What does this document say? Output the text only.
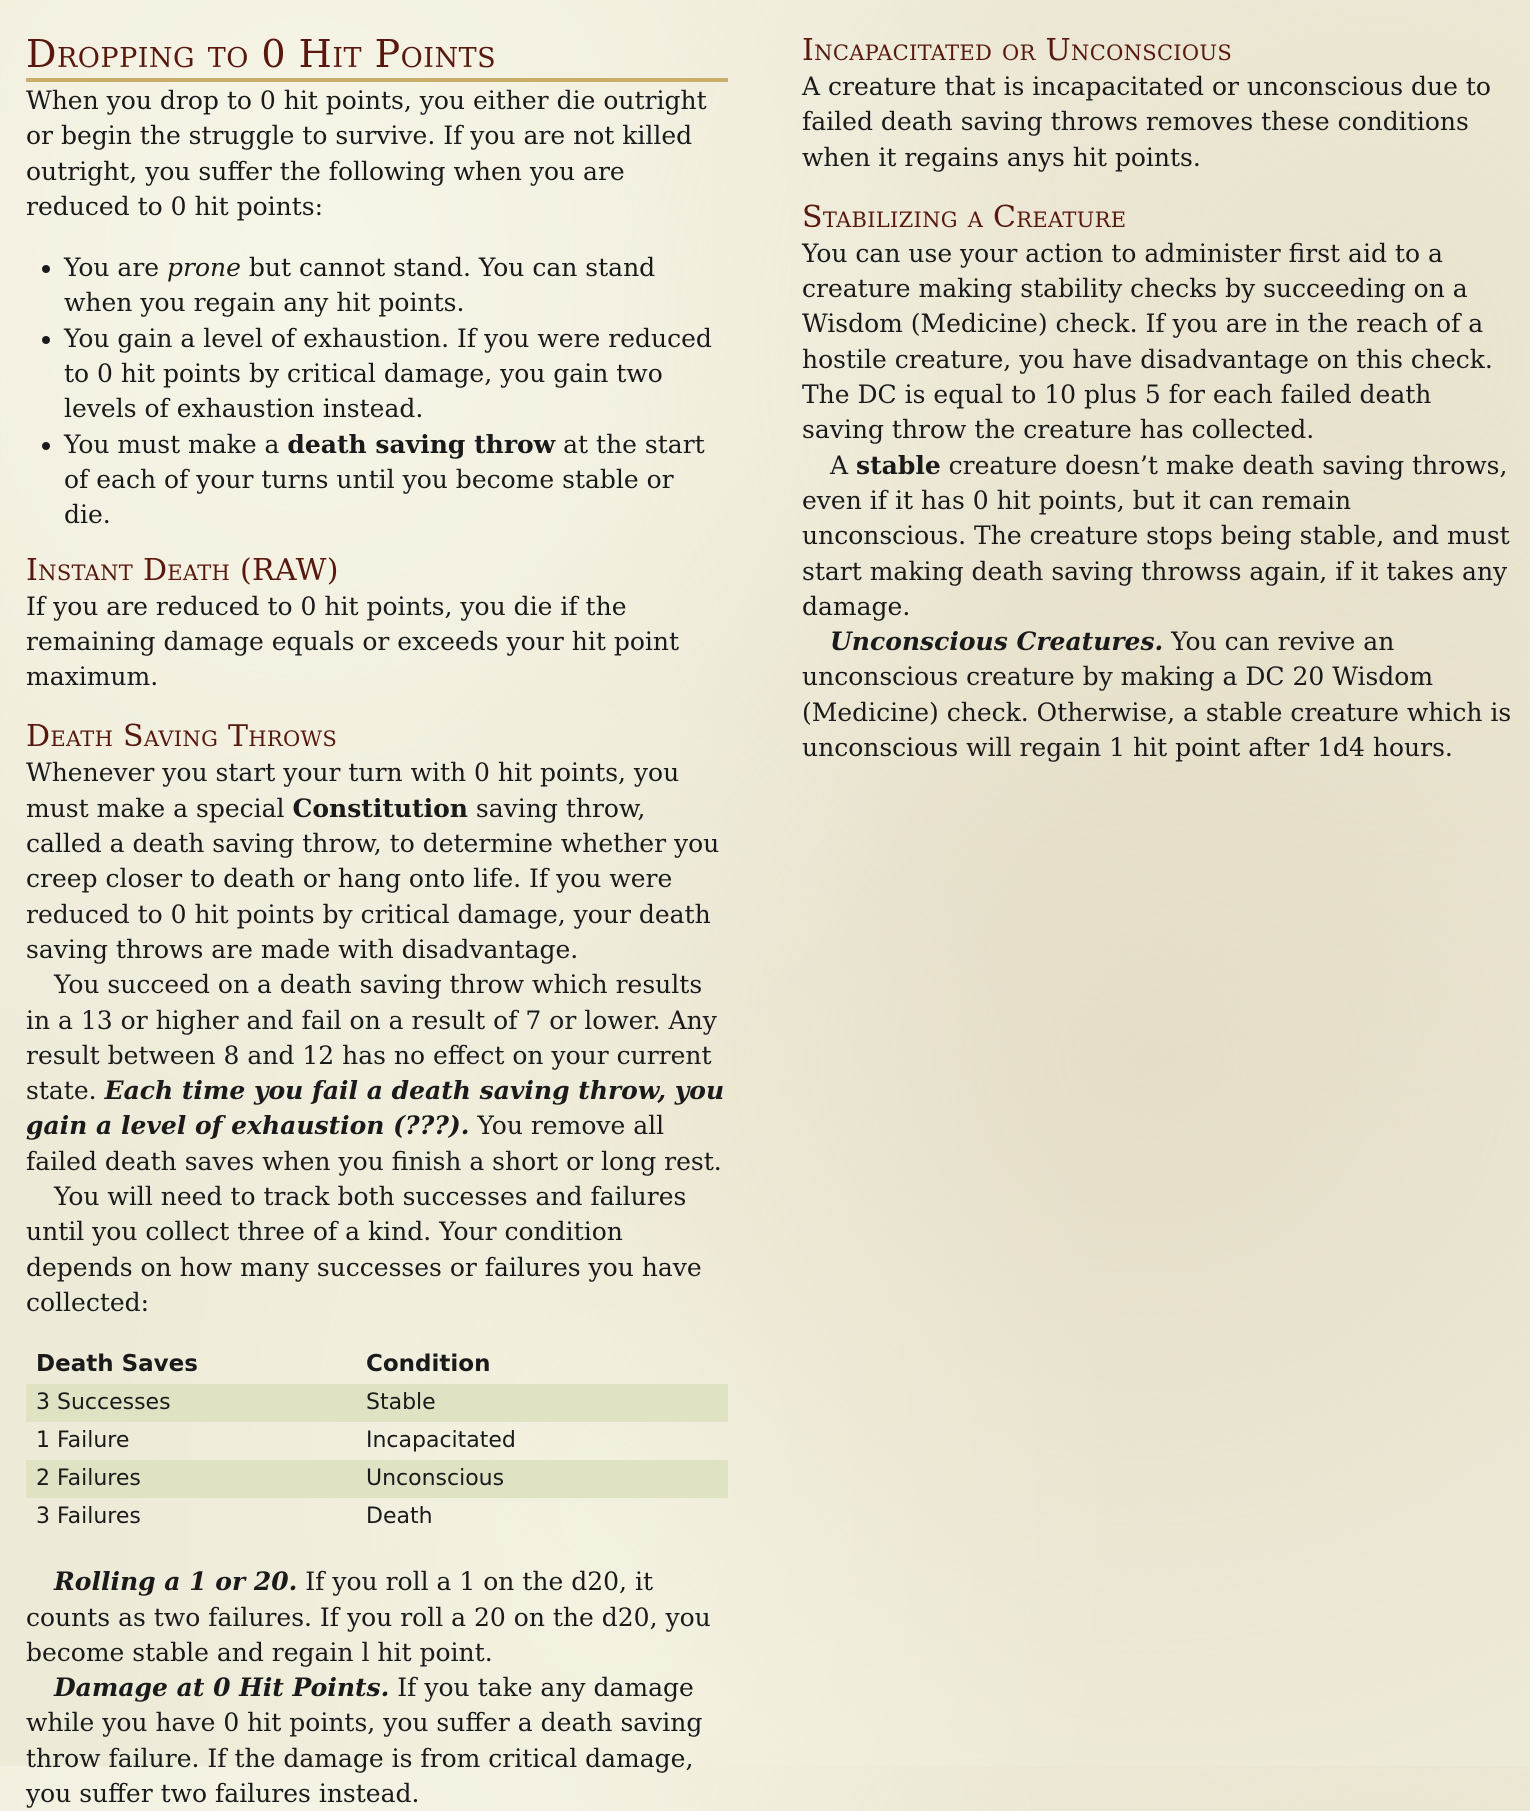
Dropping to 0 Hit Points

When you drop to 0 hit points, you either die outright or begin the struggle to survive. If you are not killed outright, you suffer the following when you are reduced to 0 hit points:

• You are prone but cannot stand. You can stand when you regain any hit points.
• You gain a level of exhaustion. If you were reduced to 0 hit points by critical damage, you gain two levels of exhaustion instead.
• You must make a death saving throw at the start of each of your turns until you become stable or die.
Instant Death (RAW)

If you are reduced to 0 hit points, you die if the remaining damage equals or exceeds your hit point maximum.

Death Saving Throws

Whenever you start your turn with 0 hit points, you must make a special Constitution saving throw, called a death saving throw, to determine whether you creep closer to death or hang onto life. If you were reduced to 0 hit points by critical damage, your death saving throws are made with disadvantage.

You succeed on a death saving throw which results in a 13 or higher and fail on a result of 7 or lower. Any result between 8 and 12 has no effect on your current state. Each time you fail a death saving throw, you gain a level of exhaustion (???). You remove all failed death saves when you finish a short or long rest.

You will need to track both successes and failures until you collect three of a kind. Your condition depends on how many successes or failures you have collected:

Death Saves	Condition
3 Successes	Stable
1 Failure	Incapacitated
2 Failures	Unconscious
3 Failures	Death

Rolling a 1 or 20. If you roll a 1 on the d20, it counts as two failures. If you roll a 20 on the d20, you become stable and regain l hit point.

Damage at 0 Hit Points. If you take any damage while you have 0 hit points, you suffer a death saving throw failure. If the damage is from critical damage, you suffer two failures instead.

Incapacitated or Unconscious

A creature that is incapacitated or unconscious due to failed death saving throws removes these conditions when it regains anys hit points.

Stabilizing a Creature

You can use your action to administer first aid to a creature making stability checks by succeeding on a Wisdom (Medicine) check. If you are in the reach of a hostile creature, you have disadvantage on this check. The DC is equal to 10 plus 5 for each failed death saving throw the creature has collected.

A stable creature doesn’t make death saving throws, even if it has 0 hit points, but it can remain unconscious. The creature stops being stable, and must start making death saving throwss again, if it takes any damage.

Unconscious Creatures. You can revive an unconscious creature by making a DC 20 Wisdom (Medicine) check. Otherwise, a stable creature which is unconscious will regain 1 hit point after 1d4 hours.
